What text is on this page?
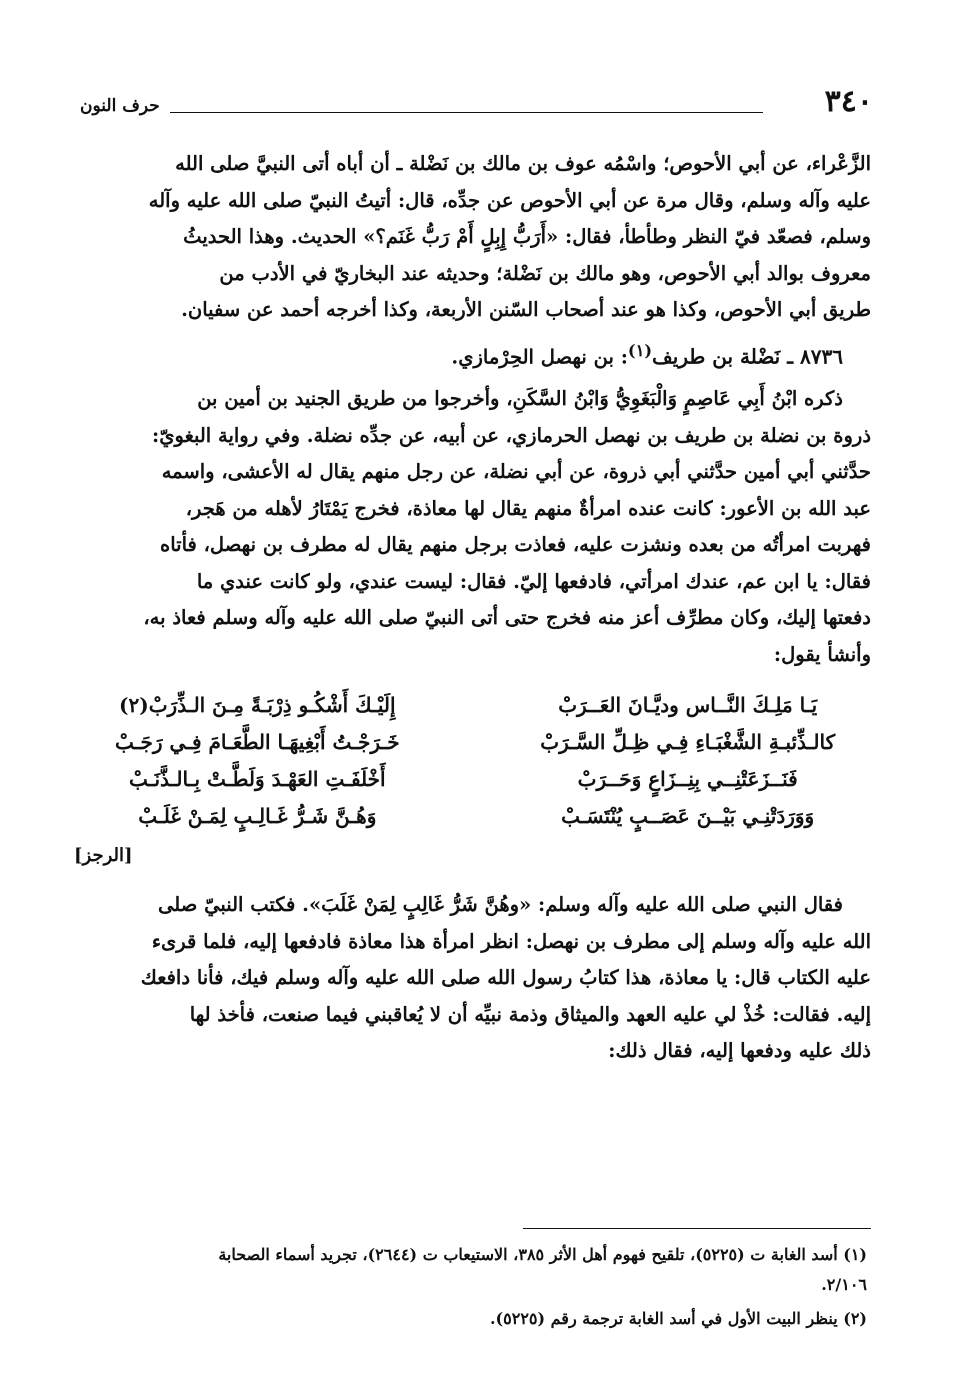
٣٤٠
حرف النون
الزَّعْراء، عن أبي الأحوص؛ واسْمُه عوف بن مالك بن نَضْلة ـ أن أباه أتى النبيَّ صلى الله
عليه وآله وسلم، وقال مرة عن أبي الأحوص عن جدِّه، قال: أتيتُ النبيّ صلى الله عليه وآله
وسلم، فصعّد فيّ النظر وطأطأ، فقال: «أَرَبُّ إِبِلٍ أَمْ رَبُّ غَنَم؟» الحديث. وهذا الحديثُ
معروف بوالد أبي الأحوص، وهو مالك بن نَضْلة؛ وحديثه عند البخاريّ في الأدب من
طريق أبي الأحوص، وكذا هو عند أصحاب السّنن الأربعة، وكذا أخرجه أحمد عن سفيان.
٨٧٣٦ ـ نَضْلة بن طريف$^{(١)}$: بن نهصل الحِرْمازي.
ذكره ابْنُ أَبِي عَاصِمٍ وَالْبَغَوِيُّ وَابْنُ السَّكَنِ، وأخرجوا من طريق الجنيد بن أمين بن
ذروة بن نضلة بن طريف بن نهصل الحرمازي، عن أبيه، عن جدِّه نضلة. وفي رواية البغويّ:
حدَّثني أبي أمين حدَّثني أبي ذروة، عن أبي نضلة، عن رجل منهم يقال له الأعشى، واسمه
عبد الله بن الأعور: كانت عنده امرأةٌ منهم يقال لها معاذة، فخرج يَمْتَارُ لأهله من هَجر،
فهربت امرأتُه من بعده ونشزت عليه، فعاذت برجل منهم يقال له مطرف بن نهصل، فأتاه
فقال: يا ابن عم، عندك امرأتي، فادفعها إليّ. فقال: ليست عندي، ولو كانت عندي ما
دفعتها إليك، وكان مطرِّف أعز منه فخرج حتى أتى النبيّ صلى الله عليه وآله وسلم فعاذ به،
وأنشأ يقول:
يَـا مَلِـكَ النَّــاس وديَّـانَ العَــرَبْ
إِلَيْـكَ أَشْكُـو ذِرْبَـةً مِـنَ الـذِّرَبْ(٢)
كالـذِّئبـةِ الشَّغْبَـاءِ فِـي ظِـلِّ السَّـرَبْ
خَـرَجْـتُ أَبْغِيهَـا الطَّعَـامَ فِـي رَجَـبْ
فَنَــزَعَتْنِــي بِنِــزَاعٍ وَحَــرَبْ
أَخْلَفَـتِ العَهْـدَ وَلَطَّـتْ بِـالـذَّنَـبْ
وَوَرَدَتْنِـي بَيْــنَ عَصَــبٍ يُنْتَسَـبْ
وَهُـنَّ شَـرُّ غَـالِـبٍ لِمَـنْ غَلَـبْ
[الرجز]
فقال النبي صلى الله عليه وآله وسلم: «وهُنَّ شَرُّ غَالِبٍ لِمَنْ غَلَبَ». فكتب النبيّ صلى
الله عليه وآله وسلم إلى مطرف بن نهصل: انظر امرأة هذا معاذة فادفعها إليه، فلما قرىء
عليه الكتاب قال: يا معاذة، هذا كتابُ رسول الله صلى الله عليه وآله وسلم فيك، فأنا دافعك
إليه. فقالت: خُذْ لي عليه العهد والميثاق وذمة نبيِّه أن لا يُعاقبني فيما صنعت، فأخذ لها
ذلك عليه ودفعها إليه، فقال ذلك:
(١) أسد الغابة ت (٥٢٢٥)، تلقيح فهوم أهل الأثر ٣٨٥، الاستيعاب ت (٢٦٤٤)، تجريد أسماء الصحابة
٢/١٠٦.
(٢) ينظر البيت الأول في أسد الغابة ترجمة رقم (٥٢٢٥).
